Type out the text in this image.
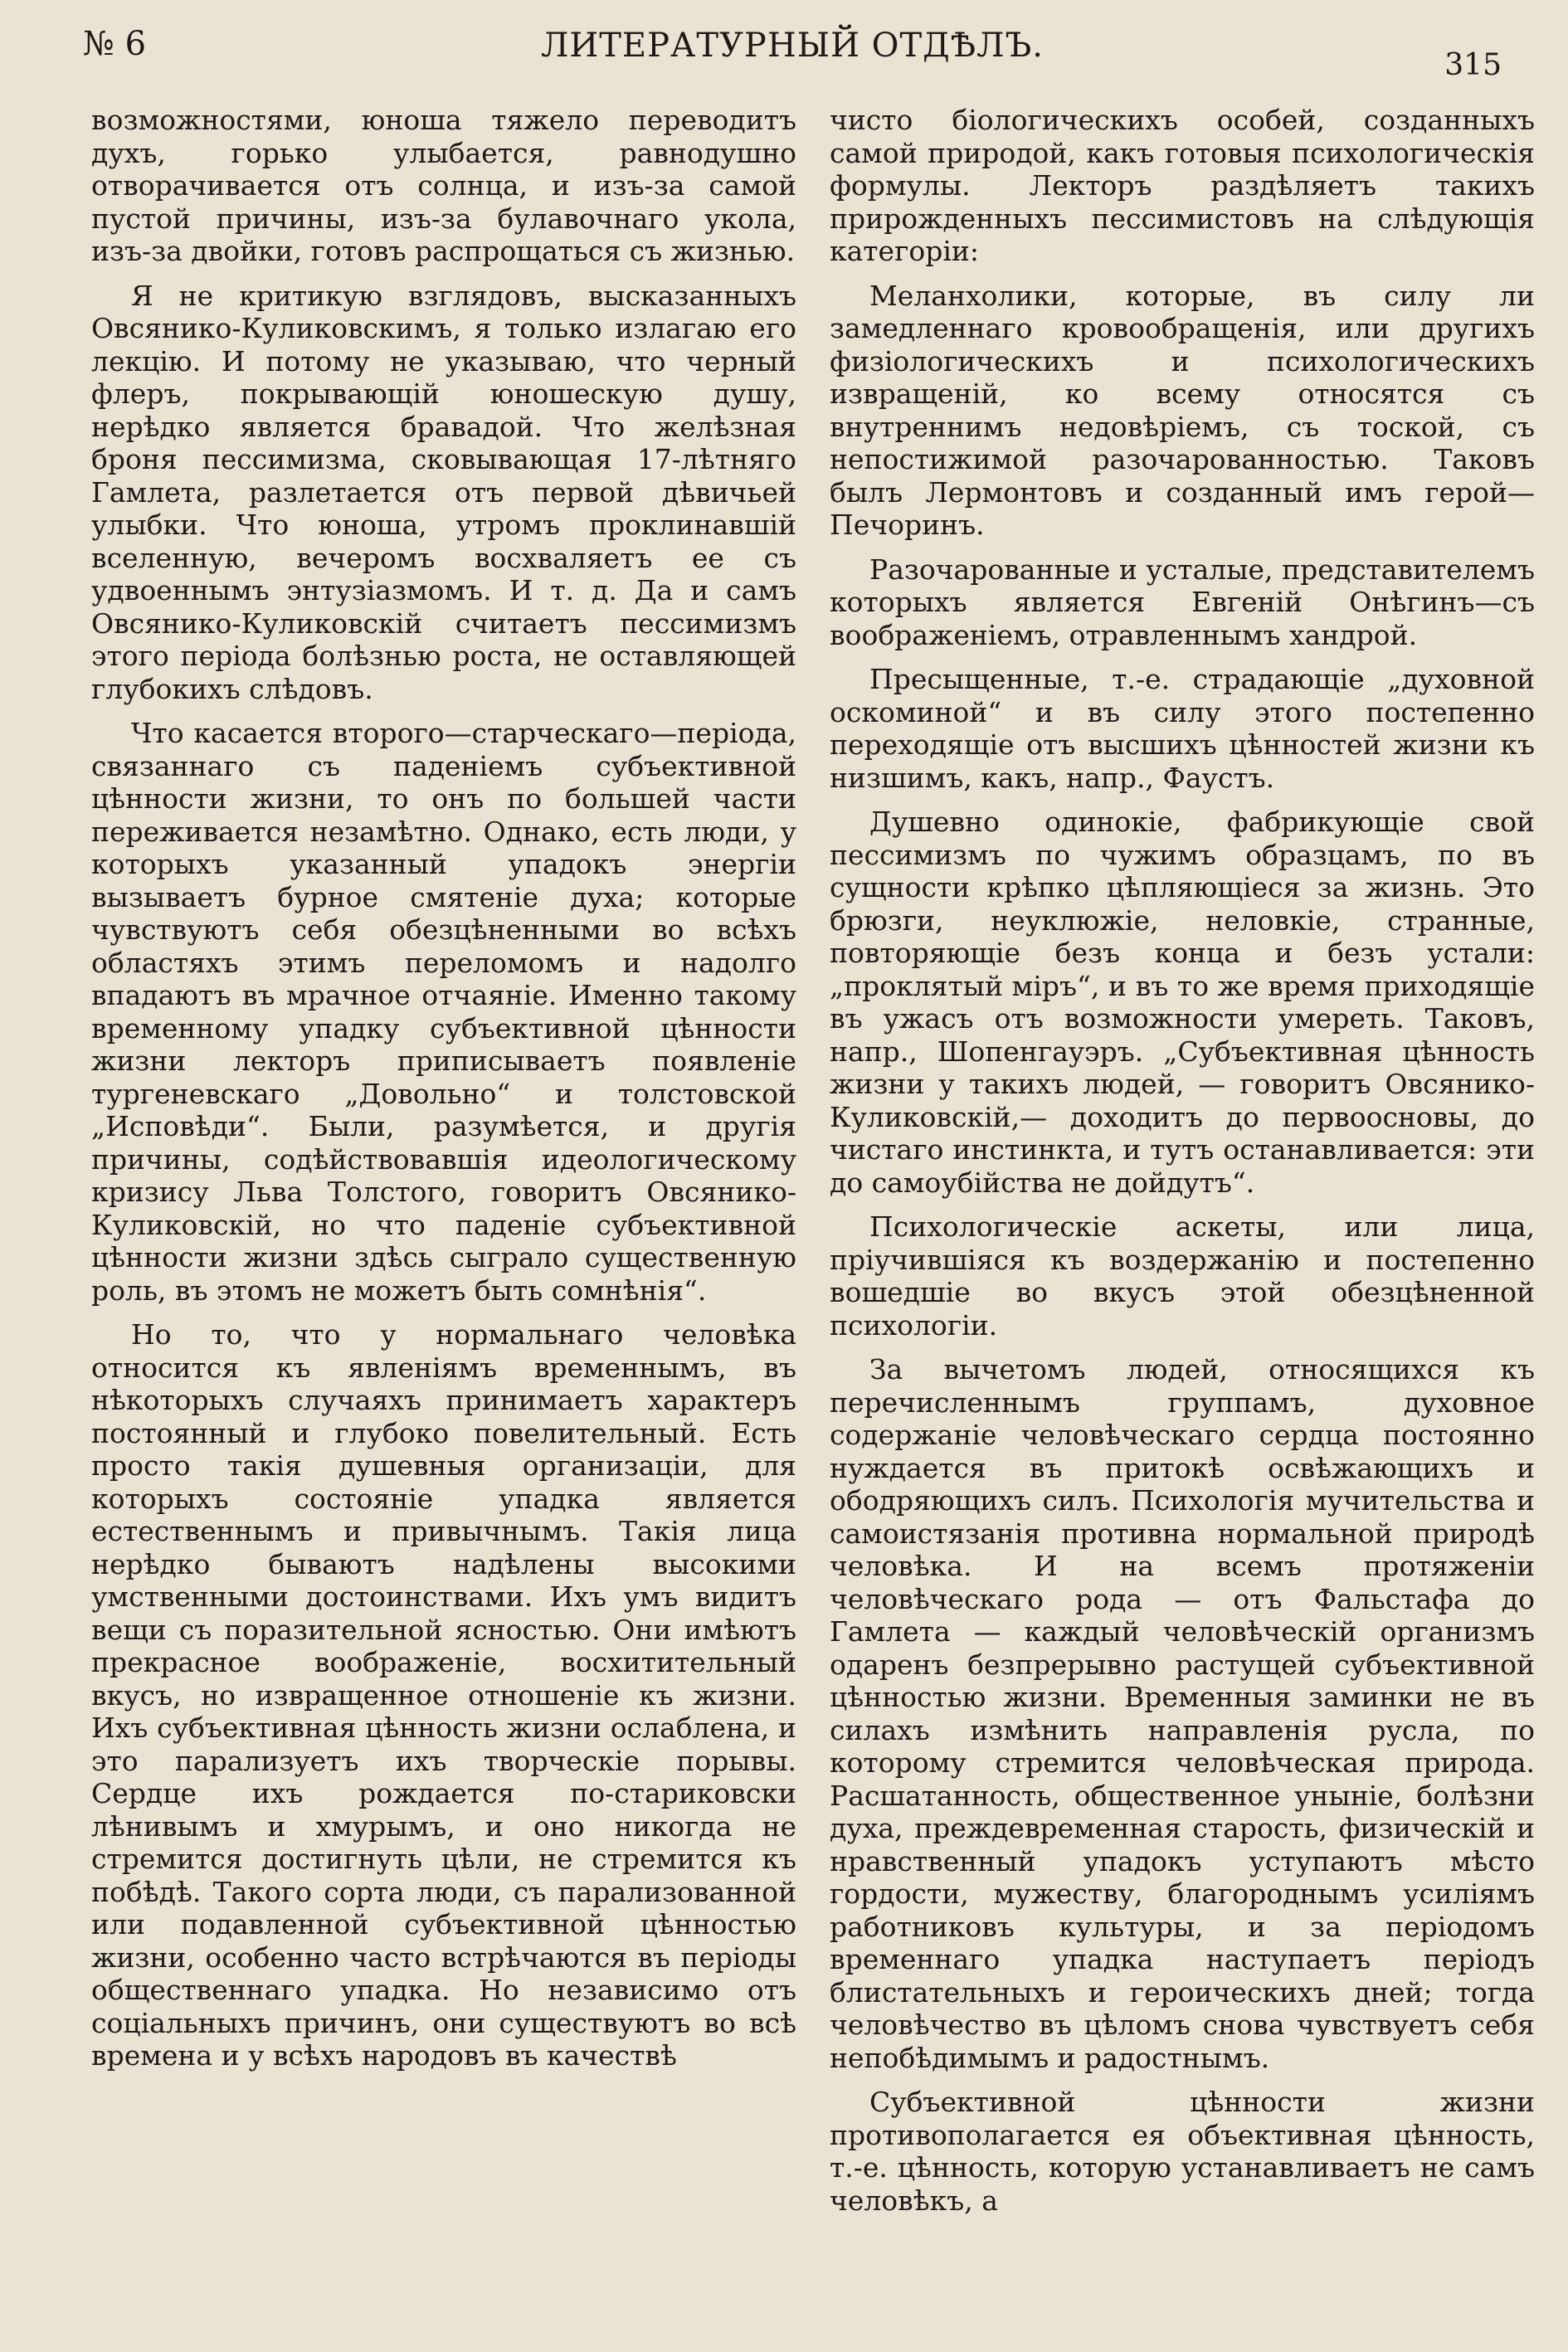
№ 6	ЛИТЕРАТУРНЫЙ ОТДѢЛЪ.
315

возможностями, юноша тяжело переводитъ духъ, горько улыбается, равнодушно отворачивается отъ солнца, и изъ-за самой пустой причины, изъ-за булавочнаго укола, изъ-за двойки, готовъ распрощаться съ жизнью.

Я не критикую взглядовъ, высказанныхъ Овсянико-Куликовскимъ, я только излагаю его лекцію. И потому не указываю, что черный флеръ, покрывающій юношескую душу, нерѣдко является бравадой. Что желѣзная броня пессимизма, сковывающая 17-лѣтняго Гамлета, разлетается отъ первой дѣвичьей улыбки. Что юноша, утромъ проклинавшій вселенную, вечеромъ восхваляетъ ее съ удвоеннымъ энтузіазмомъ. И т. д. Да и самъ Овсянико-Куликовскій считаетъ пессимизмъ этого періода болѣзнью роста, не оставляющей глубокихъ слѣдовъ.

Что касается второго—старческаго—періода, связаннаго съ паденіемъ субъективной цѣнности жизни, то онъ по большей части переживается незамѣтно. Однако, есть люди, у которыхъ указанный упадокъ энергіи вызываетъ бурное смятеніе духа; которые чувствуютъ себя обезцѣненными во всѣхъ областяхъ этимъ переломомъ и надолго впадаютъ въ мрачное отчаяніе. Именно такому временному упадку субъективной цѣнности жизни лекторъ приписываетъ появленіе тургеневскаго „Довольно“ и толстовской „Исповѣди“. Были, разумѣется, и другія причины, содѣйствовавшія идеологическому кризису Льва Толстого, говоритъ Овсянико-Куликовскій, но что паденіе субъективной цѣнности жизни здѣсь сыграло существенную роль, въ этомъ не можетъ быть сомнѣнія“.

Но то, что у нормальнаго человѣка относится къ явленіямъ временнымъ, въ нѣкоторыхъ случаяхъ принимаетъ характеръ постоянный и глубоко повелительный. Есть просто такія душевныя организаціи, для которыхъ состояніе упадка является естественнымъ и привычнымъ. Такія лица нерѣдко бываютъ надѣлены высокими умственными достоинствами. Ихъ умъ видитъ вещи съ поразительной ясностью. Они имѣютъ прекрасное воображеніе, восхитительный вкусъ, но извращенное отношеніе къ жизни. Ихъ субъективная цѣнность жизни ослаблена, и это парализуетъ ихъ творческіе порывы. Сердце ихъ рождается по-стариковски лѣнивымъ и хмурымъ, и оно никогда не стремится достигнуть цѣли, не стремится къ побѣдѣ. Такого сорта люди, съ парализованной или подавленной субъективной цѣнностью жизни, особенно часто встрѣчаются въ періоды общественнаго упадка. Но независимо отъ соціальныхъ причинъ, они существуютъ во всѣ времена и у всѣхъ народовъ въ качествѣ

чисто біологическихъ особей, созданныхъ самой природой, какъ готовыя психологическія формулы. Лекторъ раздѣляетъ такихъ прирожденныхъ пессимистовъ на слѣдующія категоріи:

Меланхолики, которые, въ силу ли замедленнаго кровообращенія, или другихъ физіологическихъ и психологическихъ извращеній, ко всему относятся съ внутреннимъ недовѣріемъ, съ тоской, съ непостижимой разочарованностью. Таковъ былъ Лермонтовъ и созданный имъ герой—Печоринъ.

Разочарованные и усталые, представителемъ которыхъ является Евгеній Онѣгинъ—съ воображеніемъ, отравленнымъ хандрой.

Пресыщенные, т.-е. страдающіе „духовной оскоминой“ и въ силу этого постепенно переходящіе отъ высшихъ цѣнностей жизни къ низшимъ, какъ, напр., Фаустъ.

Душевно одинокіе, фабрикующіе свой пессимизмъ по чужимъ образцамъ, по въ сущности крѣпко цѣпляющіеся за жизнь. Это брюзги, неуклюжіе, неловкіе, странные, повторяющіе безъ конца и безъ устали: „проклятый міръ“, и въ то же время приходящіе въ ужасъ отъ возможности умереть. Таковъ, напр., Шопенгауэръ. „Субъективная цѣнность жизни у такихъ людей, — говоритъ Овсянико-Куликовскій,— доходитъ до первоосновы, до чистаго инстинкта, и тутъ останавливается: эти до самоубійства не дойдутъ“.

Психологическіе аскеты, или лица, пріучившіяся къ воздержанію и постепенно вошедшіе во вкусъ этой обезцѣненной психологіи.

За вычетомъ людей, относящихся къ перечисленнымъ группамъ, духовное содержаніе человѣческаго сердца постоянно нуждается въ притокѣ освѣжающихъ и ободряющихъ силъ. Психологія мучительства и самоистязанія противна нормальной природѣ человѣка. И на всемъ протяженіи человѣческаго рода — отъ Фальстафа до Гамлета — каждый человѣческій организмъ одаренъ безпрерывно растущей субъективной цѣнностью жизни. Временныя заминки не въ силахъ измѣнить направленія русла, по которому стремится человѣческая природа. Расшатанность, общественное уныніе, болѣзни духа, преждевременная старость, физическій и нравственный упадокъ уступаютъ мѣсто гордости, мужеству, благороднымъ усиліямъ работниковъ культуры, и за періодомъ временнаго упадка наступаетъ періодъ блистательныхъ и героическихъ дней; тогда человѣчество въ цѣломъ снова чувствуетъ себя непобѣдимымъ и радостнымъ.

Субъективной цѣнности жизни противополагается ея объективная цѣнность, т.-е. цѣнность, которую устанавливаетъ не самъ человѣкъ, а
